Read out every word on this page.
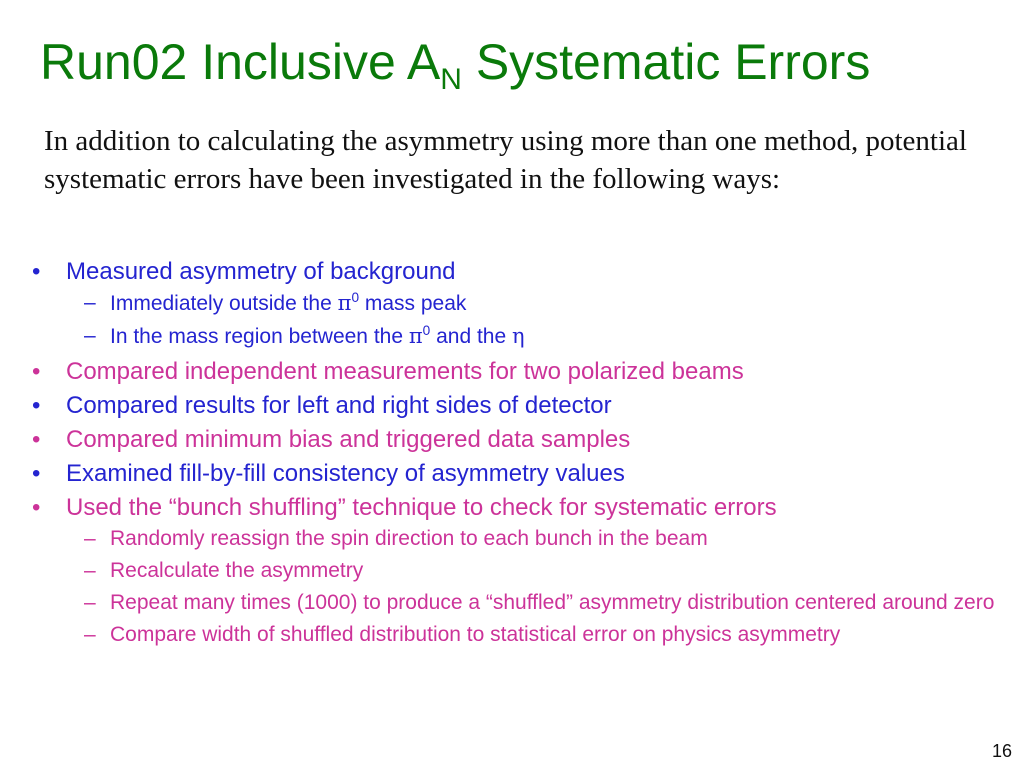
Run02 Inclusive $A_N$ Systematic Errors
In addition to calculating the asymmetry using more than one method, potential systematic errors have been investigated in the following ways:
• Measured asymmetry of background
– Immediately outside the $\pi^0$ mass peak
– In the mass region between the $\pi^0$ and the η
• Compared independent measurements for two polarized beams
• Compared results for left and right sides of detector
• Compared minimum bias and triggered data samples
• Examined fill-by-fill consistency of asymmetry values
• Used the “bunch shuffling” technique to check for systematic errors
– Randomly reassign the spin direction to each bunch in the beam
– Recalculate the asymmetry
– Repeat many times (1000) to produce a “shuffled” asymmetry distribution centered around zero
– Compare width of shuffled distribution to statistical error on physics asymmetry
16
